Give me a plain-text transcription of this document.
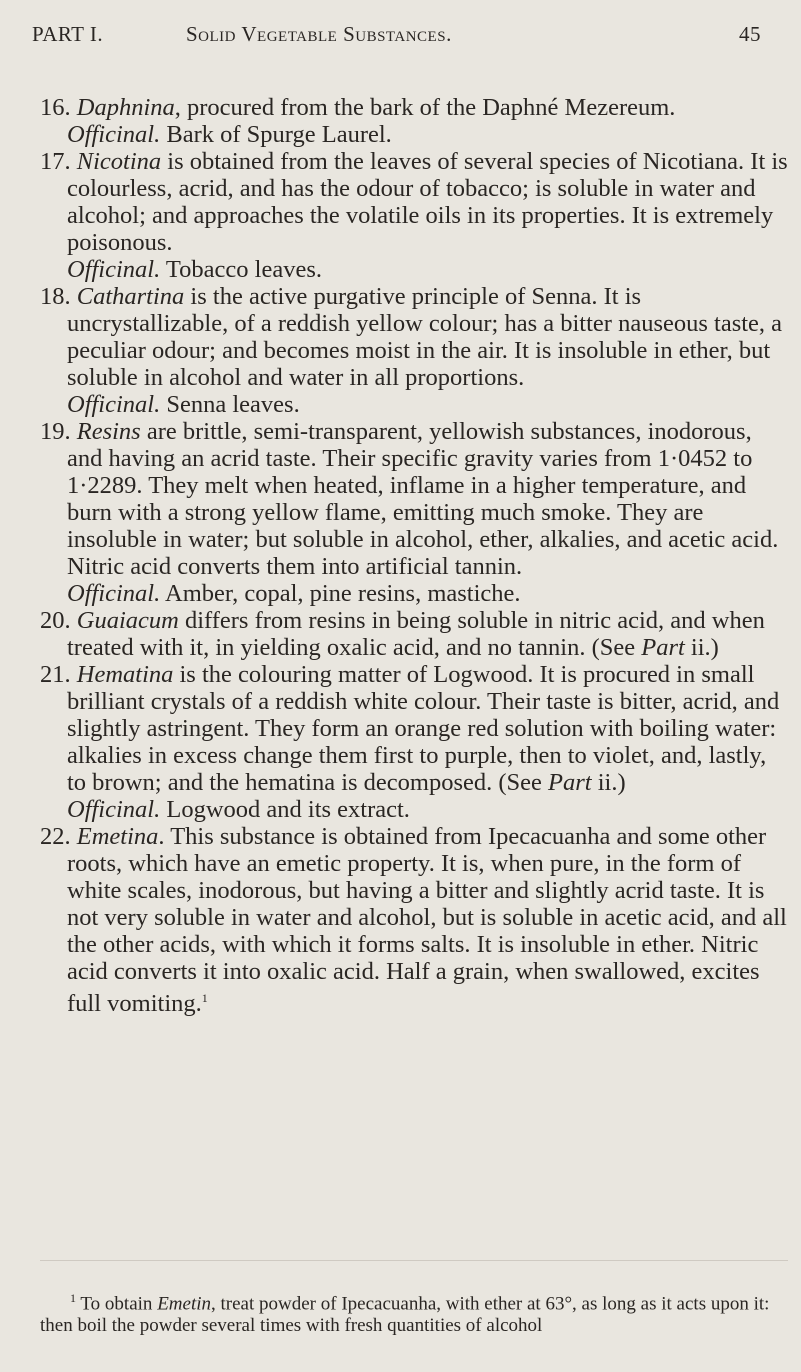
PART I.	Solid Vegetable Substances.	45

16. Daphnina, procured from the bark of the Daphné Mezereum.

Officinal. Bark of Spurge Laurel.

17. Nicotina is obtained from the leaves of several species of Nicotiana. It is colourless, acrid, and has the odour of tobacco; is soluble in water and alcohol; and approaches the volatile oils in its properties. It is extremely poisonous.

Officinal. Tobacco leaves.

18. Cathartina is the active purgative principle of Senna. It is uncrystallizable, of a reddish yellow colour; has a bitter nauseous taste, a peculiar odour; and becomes moist in the air. It is insoluble in ether, but soluble in alcohol and water in all proportions.

Officinal. Senna leaves.

19. Resins are brittle, semi-transparent, yellowish substances, inodorous, and having an acrid taste. Their specific gravity varies from 1·0452 to 1·2289. They melt when heated, inflame in a higher temperature, and burn with a strong yellow flame, emitting much smoke. They are insoluble in water; but soluble in alcohol, ether, alkalies, and acetic acid. Nitric acid converts them into artificial tannin.

Officinal. Amber, copal, pine resins, mastiche.

20. Guaiacum differs from resins in being soluble in nitric acid, and when treated with it, in yielding oxalic acid, and no tannin. (See Part ii.)

21. Hematina is the colouring matter of Logwood. It is procured in small brilliant crystals of a reddish white colour. Their taste is bitter, acrid, and slightly astringent. They form an orange red solution with boiling water: alkalies in excess change them first to purple, then to violet, and, lastly, to brown; and the hematina is decomposed. (See Part ii.)

Officinal. Logwood and its extract.

22. Emetina. This substance is obtained from Ipecacuanha and some other roots, which have an emetic property. It is, when pure, in the form of white scales, inodorous, but having a bitter and slightly acrid taste. It is not very soluble in water and alcohol, but is soluble in acetic acid, and all the other acids, with which it forms salts. It is insoluble in ether. Nitric acid converts it into oxalic acid. Half a grain, when swallowed, excites full vomiting.$^1$

$^1$ To obtain Emetin, treat powder of Ipecacuanha, with ether at 63°, as long as it acts upon it: then boil the powder several times with fresh quantities of alcohol
